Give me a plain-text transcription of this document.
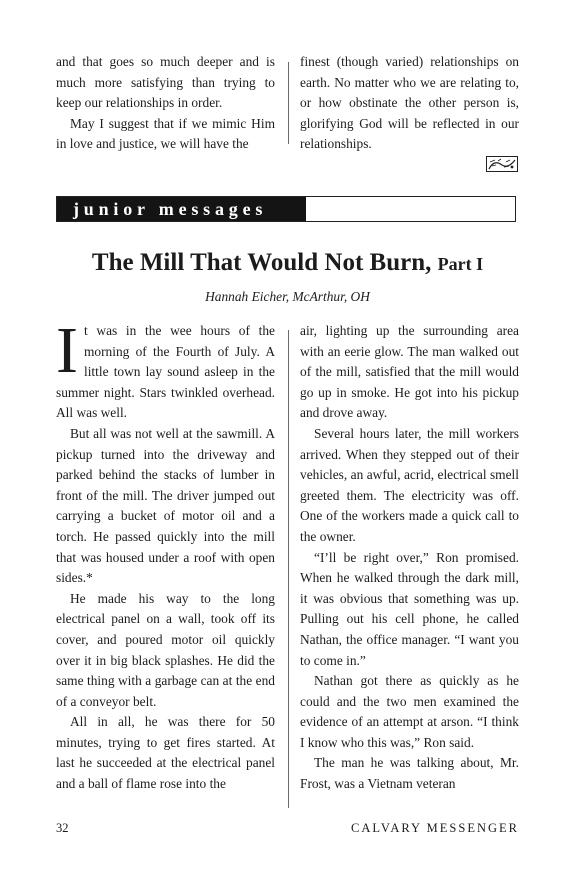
and that goes so much deeper and is much more satisfying than trying to keep our relationships in order.

May I suggest that if we mimic Him in love and justice, we will have the

finest (though varied) relationships on earth. No matter who we are relating to, or how obstinate the other person is, glorifying God will be reflected in our relationships.

junior messages
The Mill That Would Not Burn, Part I
Hannah Eicher, McArthur, OH

It was in the wee hours of the morning of the Fourth of July. A little town lay sound asleep in the summer night. Stars twinkled overhead. All was well.

But all was not well at the sawmill. A pickup turned into the driveway and parked behind the stacks of lumber in front of the mill. The driver jumped out carrying a bucket of motor oil and a torch. He passed quickly into the mill that was housed under a roof with open sides.*

He made his way to the long electrical panel on a wall, took off its cover, and poured motor oil quickly over it in big black splashes. He did the same thing with a garbage can at the end of a conveyor belt.

All in all, he was there for 50 minutes, trying to get fires started. At last he succeeded at the electrical panel and a ball of flame rose into the

air, lighting up the surrounding area with an eerie glow. The man walked out of the mill, satisfied that the mill would go up in smoke. He got into his pickup and drove away.

Several hours later, the mill workers arrived. When they stepped out of their vehicles, an awful, acrid, electrical smell greeted them. The electricity was off. One of the workers made a quick call to the owner.

“I’ll be right over,” Ron promised. When he walked through the dark mill, it was obvious that something was up. Pulling out his cell phone, he called Nathan, the office manager. “I want you to come in.”

Nathan got there as quickly as he could and the two men examined the evidence of an attempt at arson. “I think I know who this was,” Ron said.

The man he was talking about, Mr. Frost, was a Vietnam veteran

32	CALVARY MESSENGER
